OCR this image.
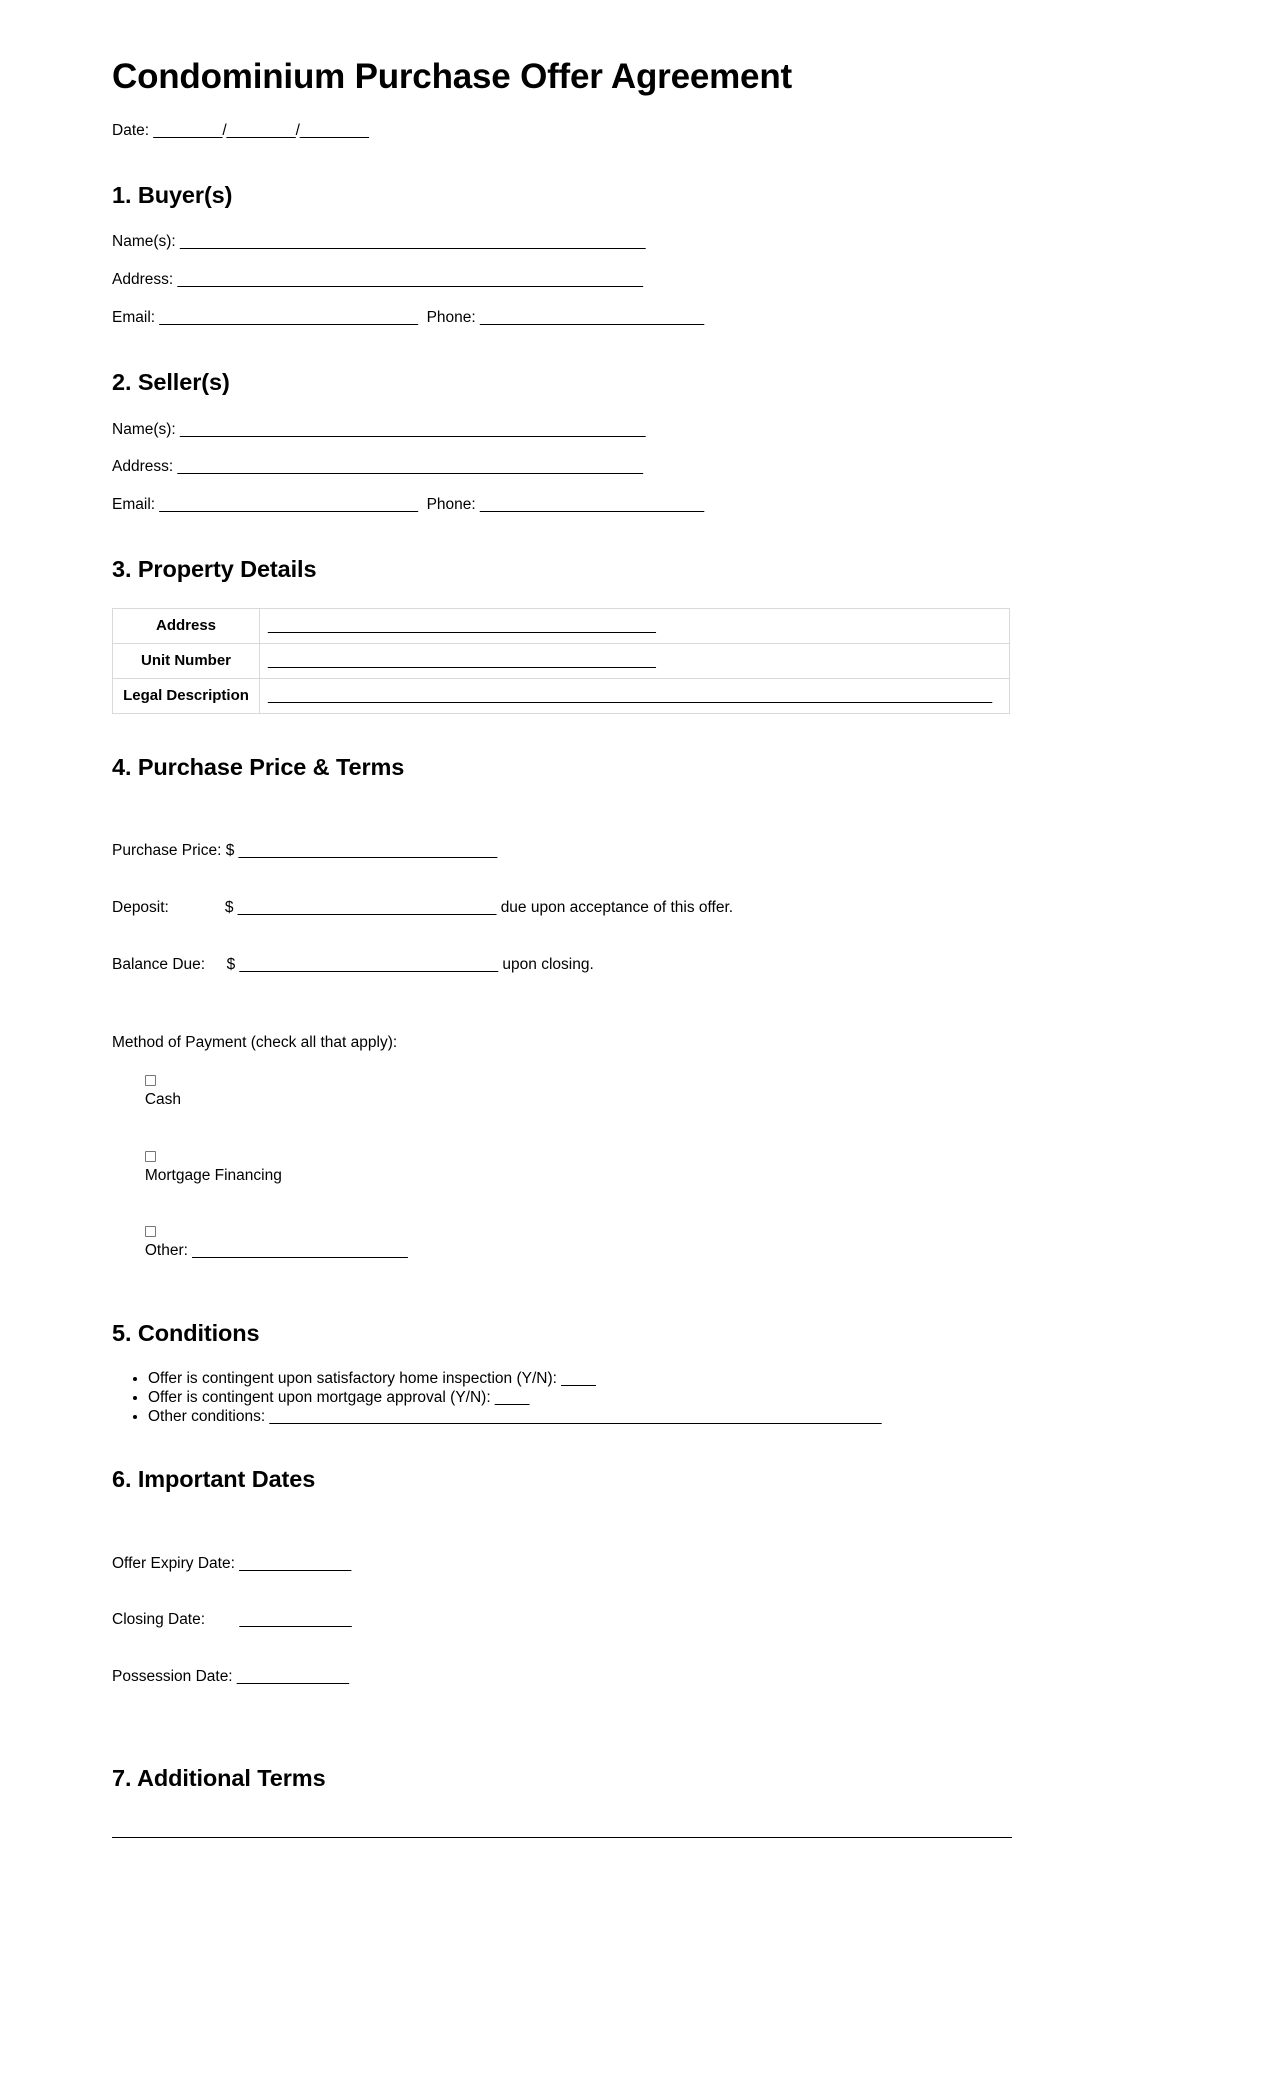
Condominium Purchase Offer Agreement
Date: ________/________/________
1. Buyer(s)
Name(s): ______________________________________________________
Address: ______________________________________________________
Email: ______________________________  Phone: __________________________
2. Seller(s)
Name(s): ______________________________________________________
Address: ______________________________________________________
Email: ______________________________  Phone: __________________________
3. Property Details
Address	_____________________________________________
Unit Number	_____________________________________________
Legal Description	____________________________________________________________________________________
4. Purchase Price & Terms

Purchase Price: $ ______________________________

Deposit:             $ ______________________________ due upon acceptance of this offer.

Balance Due:     $ ______________________________ upon closing.

Method of Payment (check all that apply):

Cash

Mortgage Financing

Other: _________________________

5. Conditions
• Offer is contingent upon satisfactory home inspection (Y/N): ____
• Offer is contingent upon mortgage approval (Y/N): ____
• Other conditions: _______________________________________________________________________
6. Important Dates

Offer Expiry Date: _____________

Closing Date:        _____________

Possession Date: _____________

7. Additional Terms
